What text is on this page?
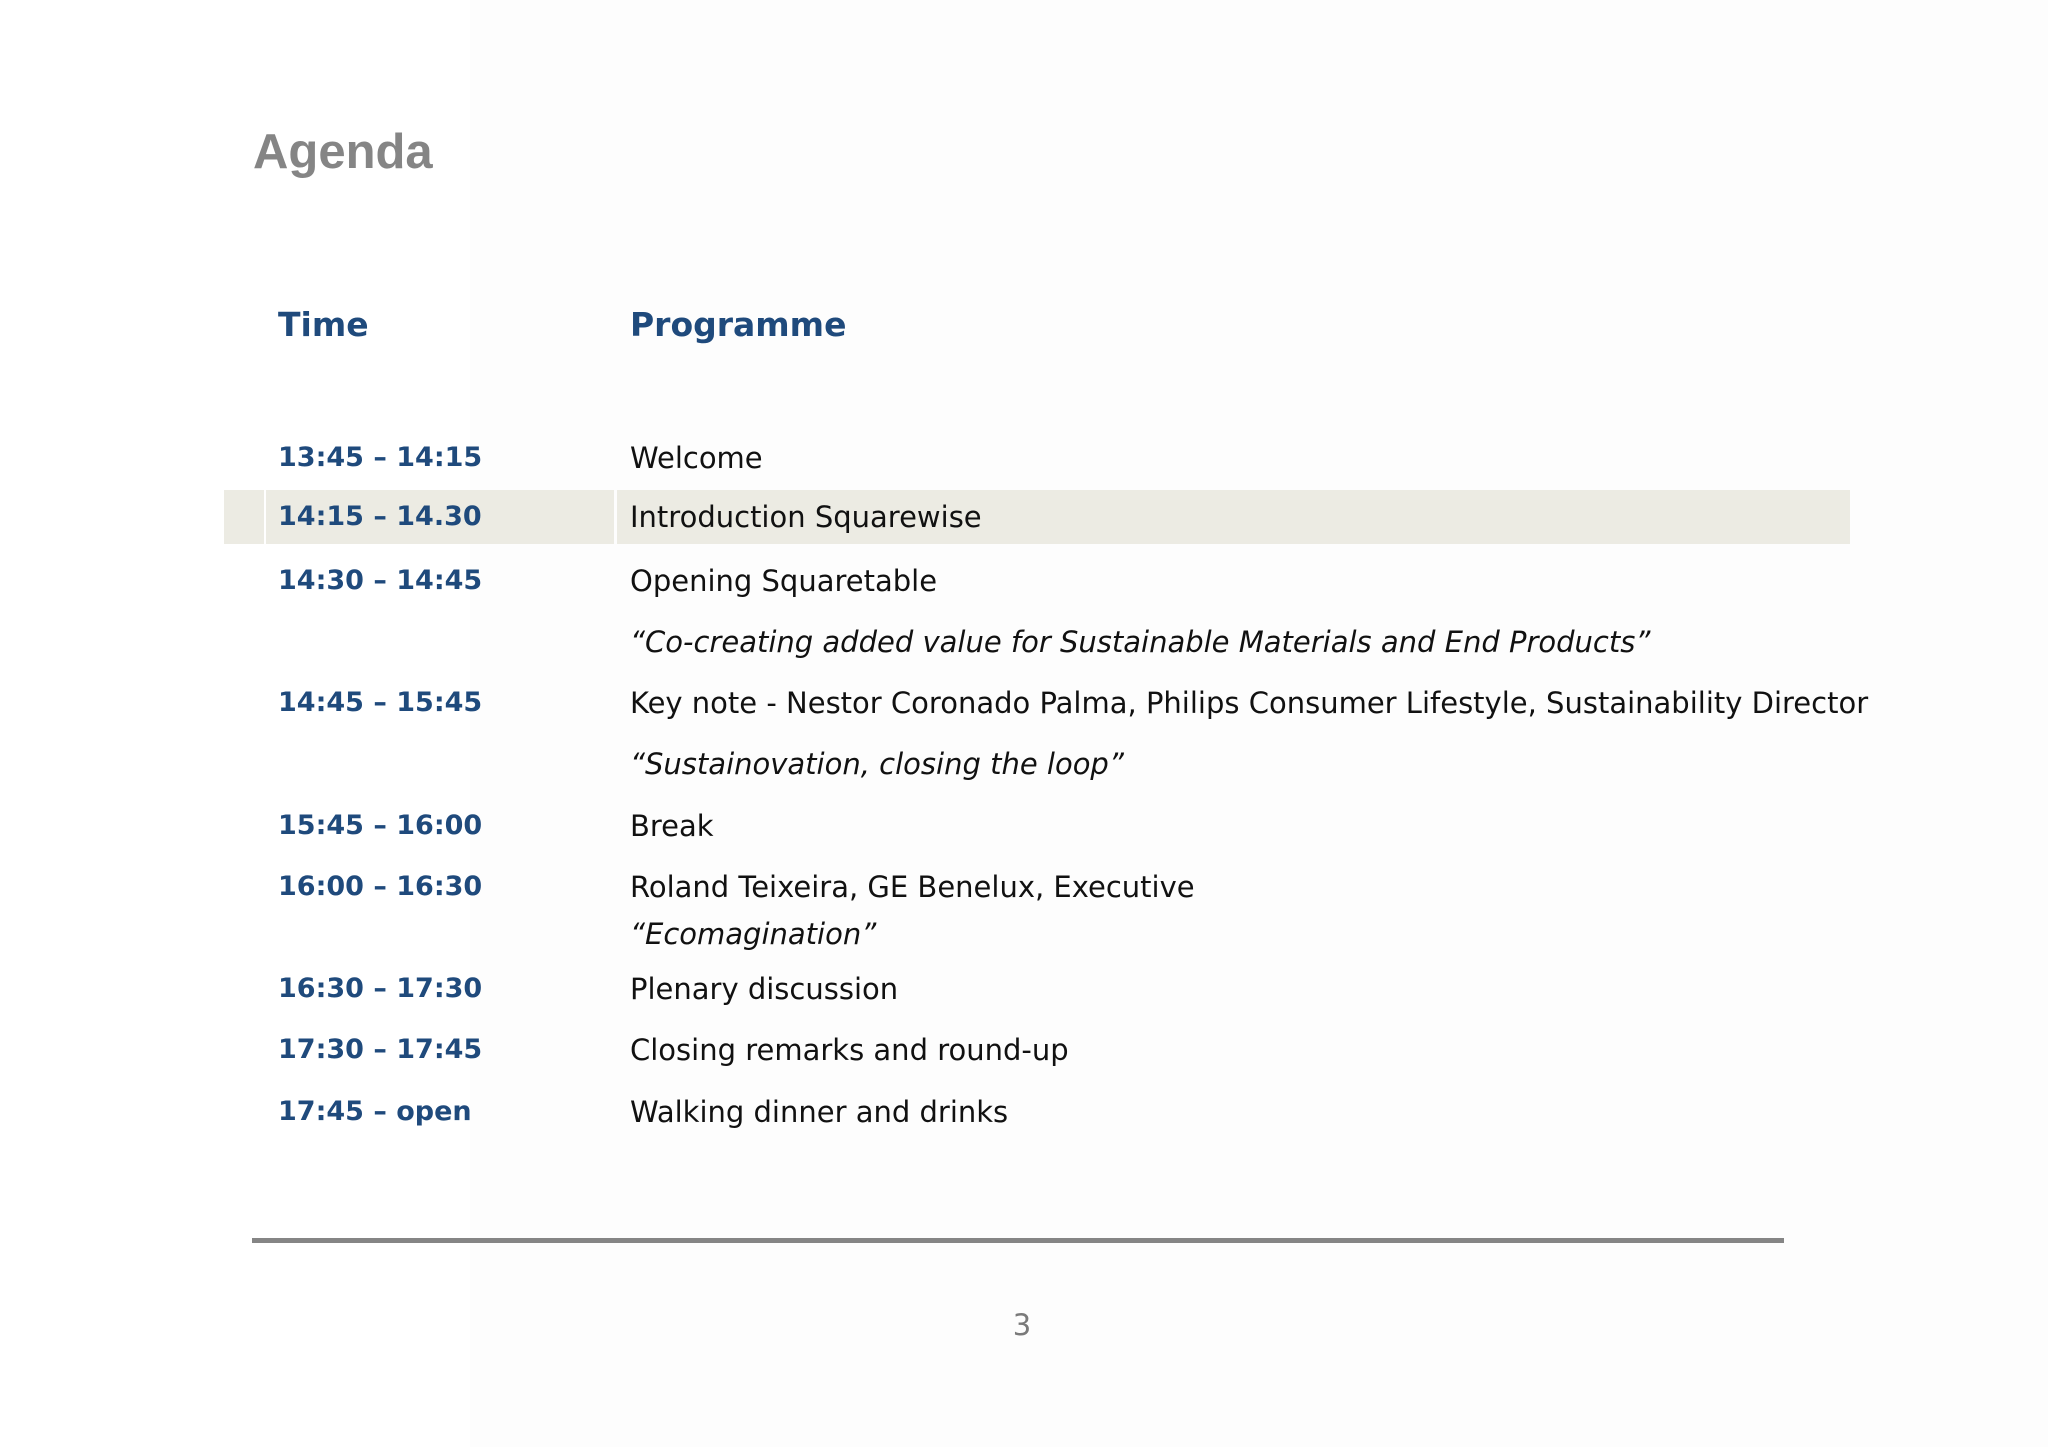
Agenda
Time	Programme
13:45 – 14:15	Welcome
14:15 – 14.30	Introduction Squarewise
14:30 – 14:45	Opening Squaretable
“Co-creating added value for Sustainable Materials and End Products”
14:45 – 15:45	Key note - Nestor Coronado Palma, Philips Consumer Lifestyle, Sustainability Director
“Sustainovation, closing the loop”
15:45 – 16:00	Break
16:00 – 16:30	Roland Teixeira, GE Benelux, Executive
“Ecomagination”
16:30 – 17:30	Plenary discussion
17:30 – 17:45	Closing remarks and round-up
17:45 – open	Walking dinner and drinks
3
